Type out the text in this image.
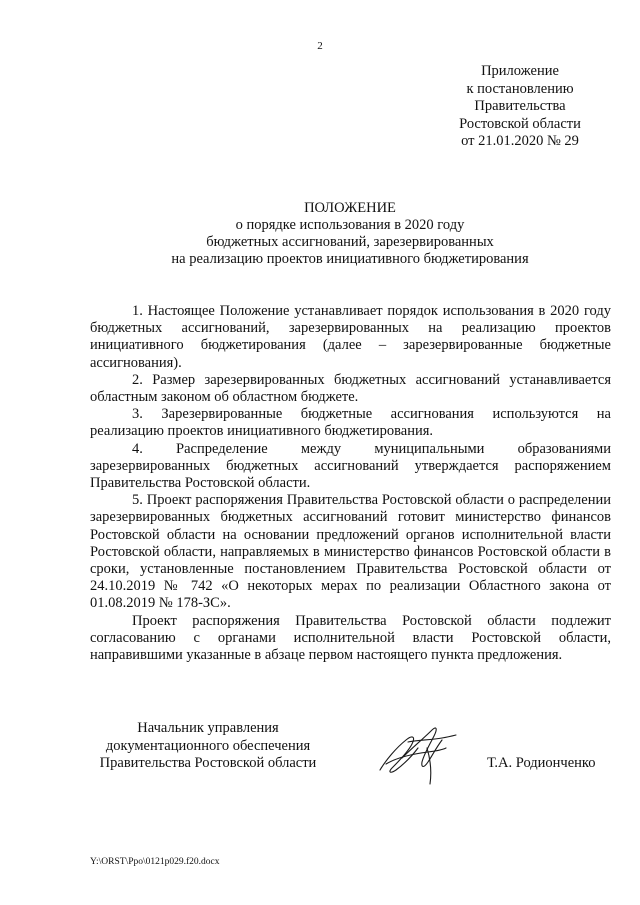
2
Приложение
к постановлению
Правительства
Ростовской области
от 21.01.2020 № 29
ПОЛОЖЕНИЕ
о порядке использования в 2020 году
бюджетных ассигнований, зарезервированных
на реализацию проектов инициативного бюджетирования

1. Настоящее Положение устанавливает порядок использования в 2020 году бюджетных ассигнований, зарезервированных на реализацию проектов инициативного бюджетирования (далее – зарезервированные бюджетные ассигнования).

2. Размер зарезервированных бюджетных ассигнований устанавливается областным законом об областном бюджете.

3. Зарезервированные бюджетные ассигнования используются на реализацию проектов инициативного бюджетирования.

4. Распределение между муниципальными образованиями зарезервированных бюджетных ассигнований утверждается распоряжением Правительства Ростовской области.

5. Проект распоряжения Правительства Ростовской области о распределении зарезервированных бюджетных ассигнований готовит министерство финансов Ростовской области на основании предложений органов исполнительной власти Ростовской области, направляемых в министерство финансов Ростовской области в сроки, установленные постановлением Правительства Ростовской области от 24.10.2019 № 742 «О некоторых мерах по реализации Областного закона от 01.08.2019 № 178-ЗС».

Проект распоряжения Правительства Ростовской области подлежит согласованию с органами исполнительной власти Ростовской области, направившими указанные в абзаце первом настоящего пункта предложения.

Начальник управления
документационного обеспечения
Правительства Ростовской области	Т.А. Родионченко
Y:\ORST\Ppo\0121p029.f20.docx
